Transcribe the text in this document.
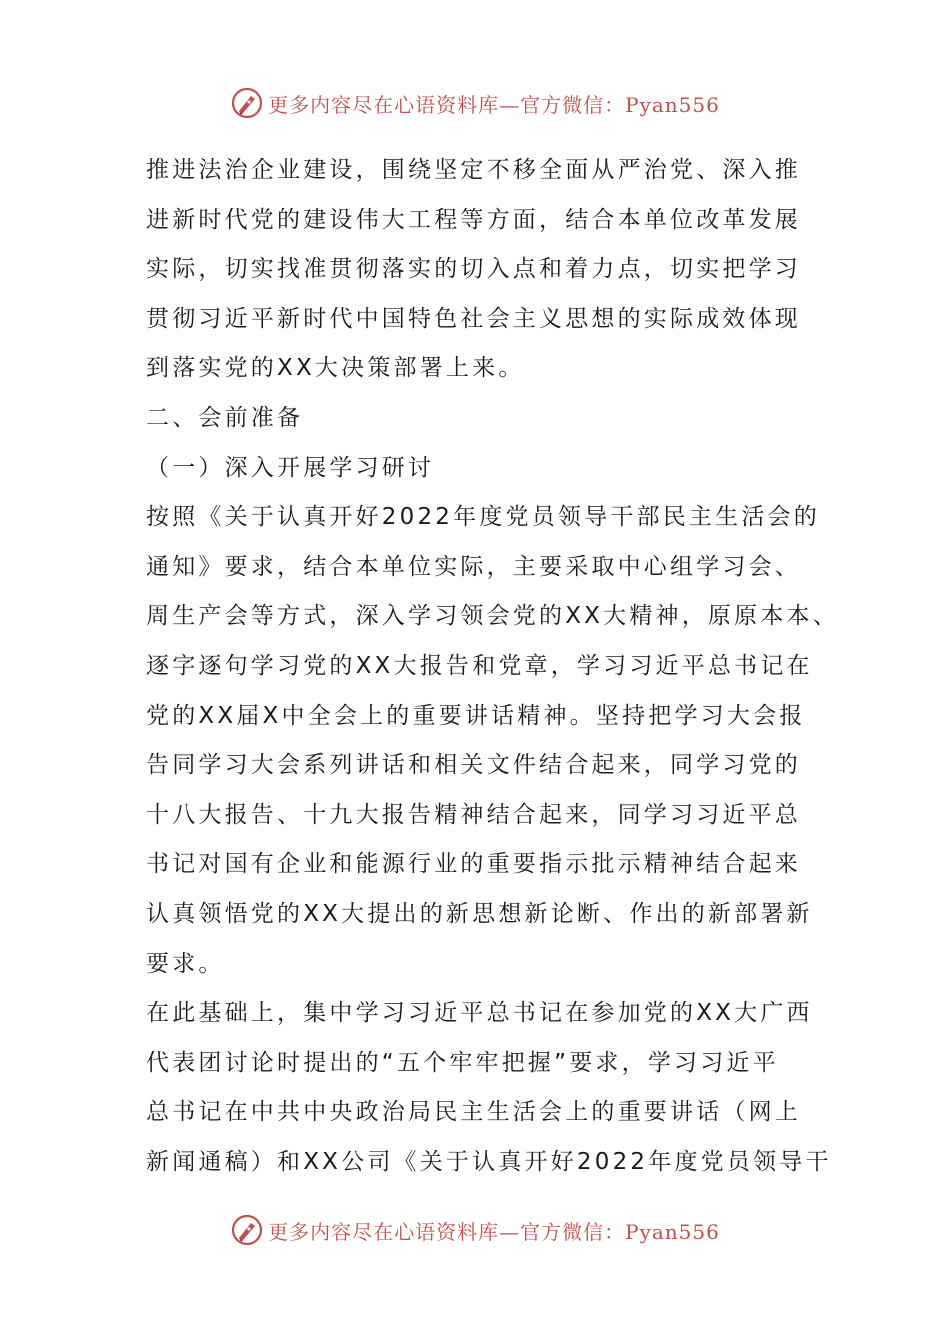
更多内容尽在心语资料库—官方微信：Pyan556
推进法治企业建设，围绕坚定不移全面从严治党、深入推
进新时代党的建设伟大工程等方面，结合本单位改革发展
实际，切实找准贯彻落实的切入点和着力点，切实把学习
贯彻习近平新时代中国特色社会主义思想的实际成效体现
到落实党的XX大决策部署上来。
二、会前准备
（一）深入开展学习研讨
按照《关于认真开好2022年度党员领导干部民主生活会的
通知》要求，结合本单位实际，主要采取中心组学习会、
周生产会等方式，深入学习领会党的XX大精神，原原本本、
逐字逐句学习党的XX大报告和党章，学习习近平总书记在
党的XX届X中全会上的重要讲话精神。坚持把学习大会报
告同学习大会系列讲话和相关文件结合起来，同学习党的
十八大报告、十九大报告精神结合起来，同学习习近平总
书记对国有企业和能源行业的重要指示批示精神结合起来
认真领悟党的XX大提出的新思想新论断、作出的新部署新
要求。
在此基础上，集中学习习近平总书记在参加党的XX大广西
代表团讨论时提出的“五个牢牢把握”要求，学习习近平
总书记在中共中央政治局民主生活会上的重要讲话（网上
新闻通稿）和XX公司《关于认真开好2022年度党员领导干
更多内容尽在心语资料库—官方微信：Pyan556
